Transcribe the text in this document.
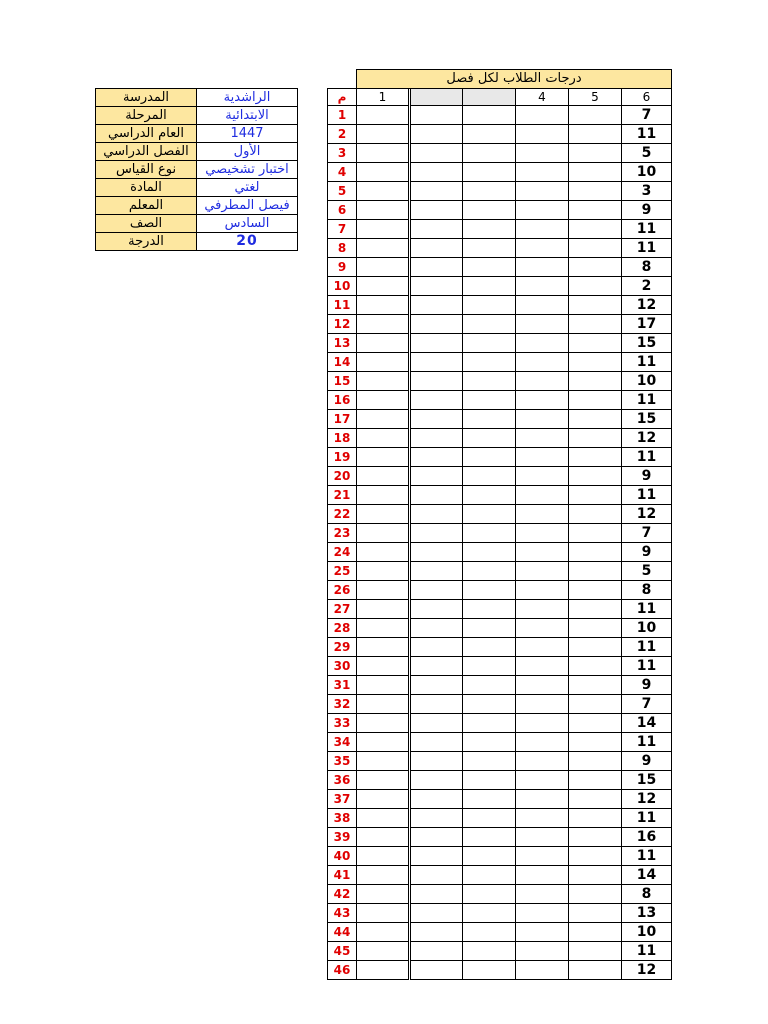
المدرسة	الراشدية
المرحلة	الابتدائية
العام الدراسي	1447
الفصل الدراسي	الأول
نوع القياس	اختبار تشخيصي
المادة	لغتي
المعلم	فيصل المطرفي
الصف	السادس
الدرجة	20
درجات الطلاب لكل فصل
م	1			4	5	6
1						7
2						11
3						5
4						10
5						3
6						9
7						11
8						11
9						8
10						2
11						12
12						17
13						15
14						11
15						10
16						11
17						15
18						12
19						11
20						9
21						11
22						12
23						7
24						9
25						5
26						8
27						11
28						10
29						11
30						11
31						9
32						7
33						14
34						11
35						9
36						15
37						12
38						11
39						16
40						11
41						14
42						8
43						13
44						10
45						11
46						12
